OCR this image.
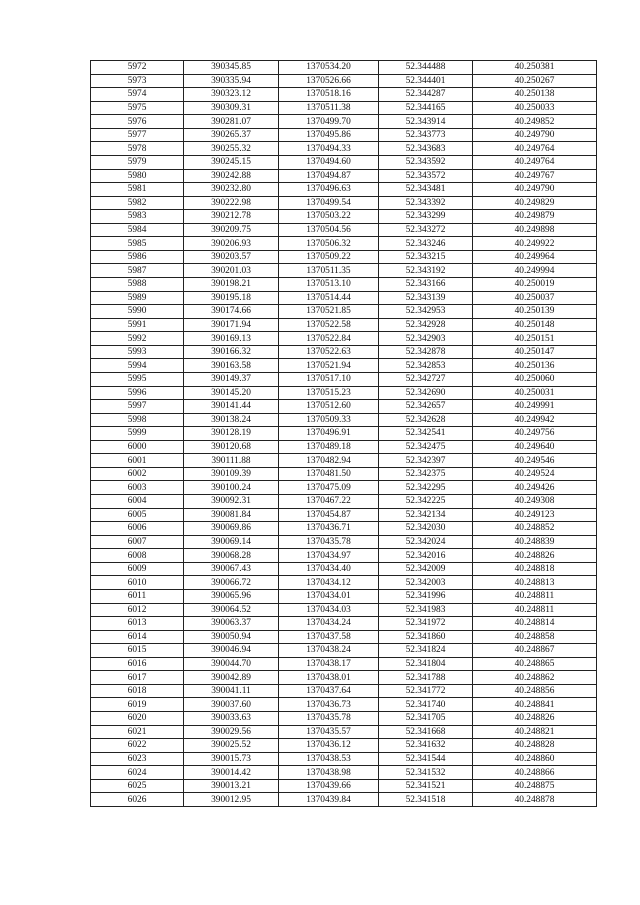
5972	390345.85	1370534.20	52.344488	40.250381
5973	390335.94	1370526.66	52.344401	40.250267
5974	390323.12	1370518.16	52.344287	40.250138
5975	390309.31	1370511.38	52.344165	40.250033
5976	390281.07	1370499.70	52.343914	40.249852
5977	390265.37	1370495.86	52.343773	40.249790
5978	390255.32	1370494.33	52.343683	40.249764
5979	390245.15	1370494.60	52.343592	40.249764
5980	390242.88	1370494.87	52.343572	40.249767
5981	390232.80	1370496.63	52.343481	40.249790
5982	390222.98	1370499.54	52.343392	40.249829
5983	390212.78	1370503.22	52.343299	40.249879
5984	390209.75	1370504.56	52.343272	40.249898
5985	390206.93	1370506.32	52.343246	40.249922
5986	390203.57	1370509.22	52.343215	40.249964
5987	390201.03	1370511.35	52.343192	40.249994
5988	390198.21	1370513.10	52.343166	40.250019
5989	390195.18	1370514.44	52.343139	40.250037
5990	390174.66	1370521.85	52.342953	40.250139
5991	390171.94	1370522.58	52.342928	40.250148
5992	390169.13	1370522.84	52.342903	40.250151
5993	390166.32	1370522.63	52.342878	40.250147
5994	390163.58	1370521.94	52.342853	40.250136
5995	390149.37	1370517.10	52.342727	40.250060
5996	390145.20	1370515.23	52.342690	40.250031
5997	390141.44	1370512.60	52.342657	40.249991
5998	390138.24	1370509.33	52.342628	40.249942
5999	390128.19	1370496.91	52.342541	40.249756
6000	390120.68	1370489.18	52.342475	40.249640
6001	390111.88	1370482.94	52.342397	40.249546
6002	390109.39	1370481.50	52.342375	40.249524
6003	390100.24	1370475.09	52.342295	40.249426
6004	390092.31	1370467.22	52.342225	40.249308
6005	390081.84	1370454.87	52.342134	40.249123
6006	390069.86	1370436.71	52.342030	40.248852
6007	390069.14	1370435.78	52.342024	40.248839
6008	390068.28	1370434.97	52.342016	40.248826
6009	390067.43	1370434.40	52.342009	40.248818
6010	390066.72	1370434.12	52.342003	40.248813
6011	390065.96	1370434.01	52.341996	40.248811
6012	390064.52	1370434.03	52.341983	40.248811
6013	390063.37	1370434.24	52.341972	40.248814
6014	390050.94	1370437.58	52.341860	40.248858
6015	390046.94	1370438.24	52.341824	40.248867
6016	390044.70	1370438.17	52.341804	40.248865
6017	390042.89	1370438.01	52.341788	40.248862
6018	390041.11	1370437.64	52.341772	40.248856
6019	390037.60	1370436.73	52.341740	40.248841
6020	390033.63	1370435.78	52.341705	40.248826
6021	390029.56	1370435.57	52.341668	40.248821
6022	390025.52	1370436.12	52.341632	40.248828
6023	390015.73	1370438.53	52.341544	40.248860
6024	390014.42	1370438.98	52.341532	40.248866
6025	390013.21	1370439.66	52.341521	40.248875
6026	390012.95	1370439.84	52.341518	40.248878
